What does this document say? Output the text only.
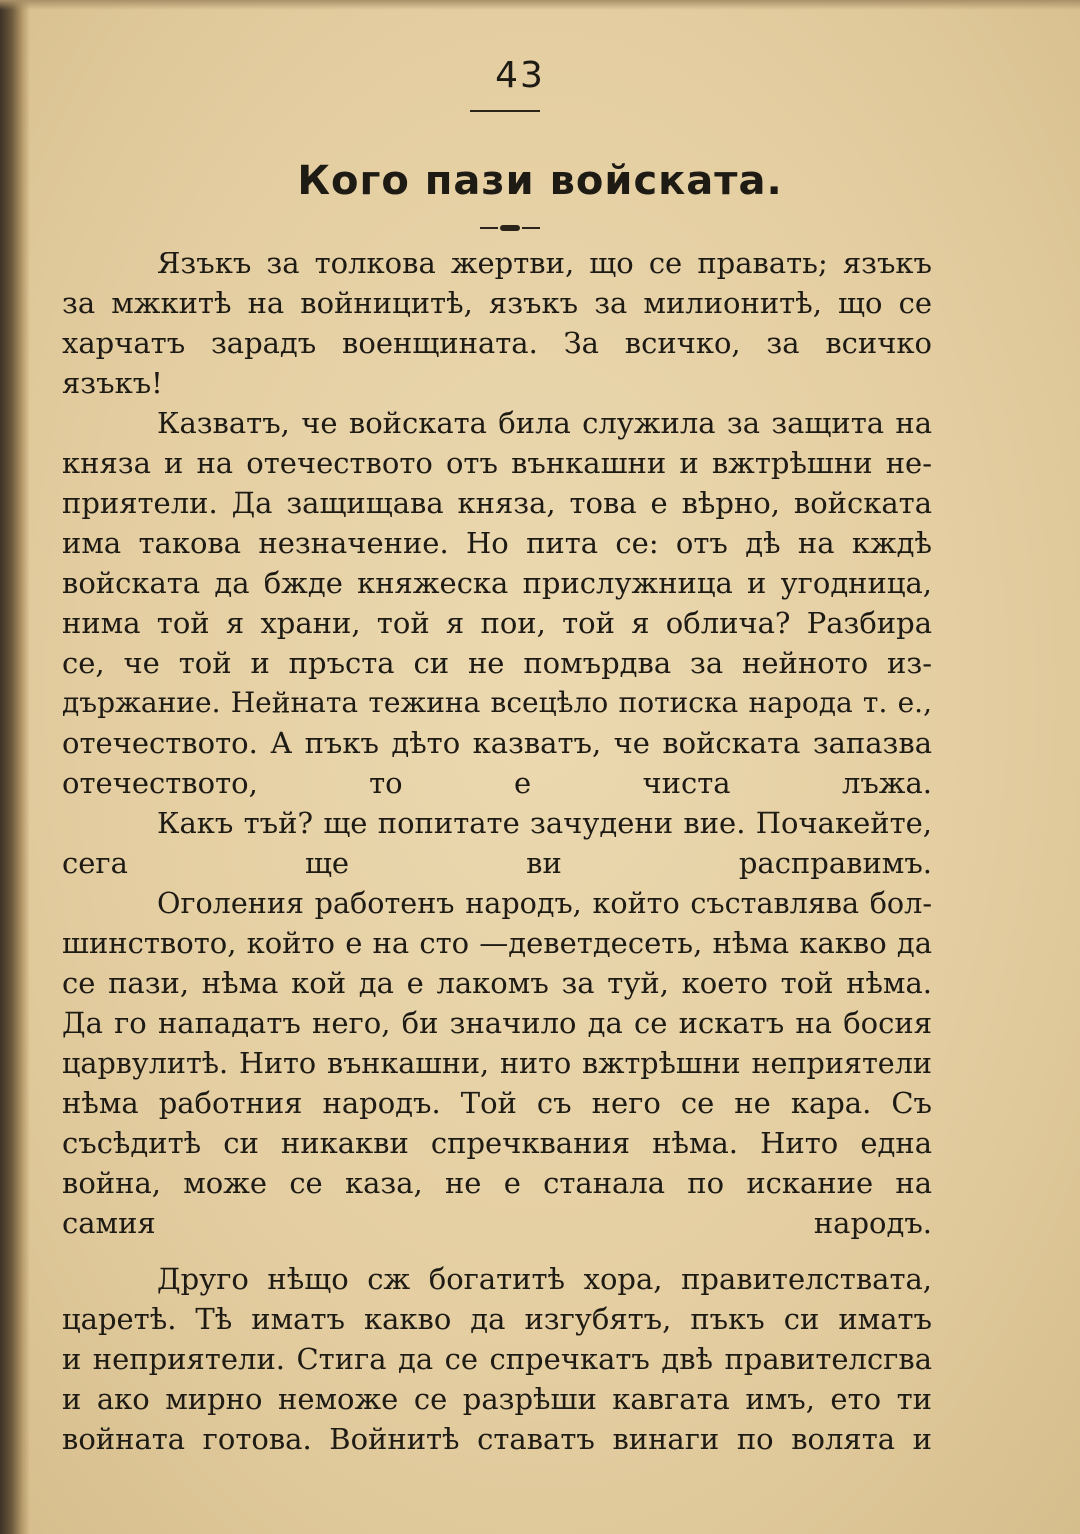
43
Кого пази войската.

Язъкъ за толкова жертви, що се правать; язъкъ
за мжкитѣ на войницитѣ, язъкъ за милионитѣ, що се
харчатъ зарадъ военщината. За всичко, за всичко
язъкъ!

Казватъ, че войската била служила за защита на
княза и на отечеството отъ вънкашни и вжтрѣшни не-
приятели. Да защищава княза, това е вѣрно, войската
има такова незначение. Но пита се: отъ дѣ на кждѣ
войската да бжде княжеска прислужница и угодница,
нима той я храни, той я пои, той я облича? Разбира
се, че той и пръста си не помърдва за нейното из-
държание. Нейната тежина всецѣло потиска народа т. е.,
отечеството. А пъкъ дѣто казватъ, че войската запазва
отечеството, то е чиста лъжа.

Какъ тъй? ще попитате зачудени вие. Почакейте,
сега ще ви расправимъ.

Оголения работенъ народъ, който съставлява бол-
шинството, който е на сто —деветдесеть, нѣма какво да
се пази, нѣма кой да е лакомъ за туй, което той нѣма.
Да го нападатъ него, би значило да се искатъ на босия
царвулитѣ. Нито вънкашни, нито вжтрѣшни неприятели
нѣма работния народъ. Той съ него се не кара. Съ
съсѣдитѣ си никакви спречквания нѣма. Нито една
война, може се каза, не е станала по искание на
самия народъ.

Друго нѣщо сж богатитѣ хора, правителствата,
царетѣ. Тѣ иматъ какво да изгубятъ, пъкъ си иматъ
и неприятели. Стига да се спречкатъ двѣ правителсгва
и ако мирно неможе се разрѣши кавгата имъ, ето ти
войната готова. Войнитѣ ставатъ винаги по волята и
